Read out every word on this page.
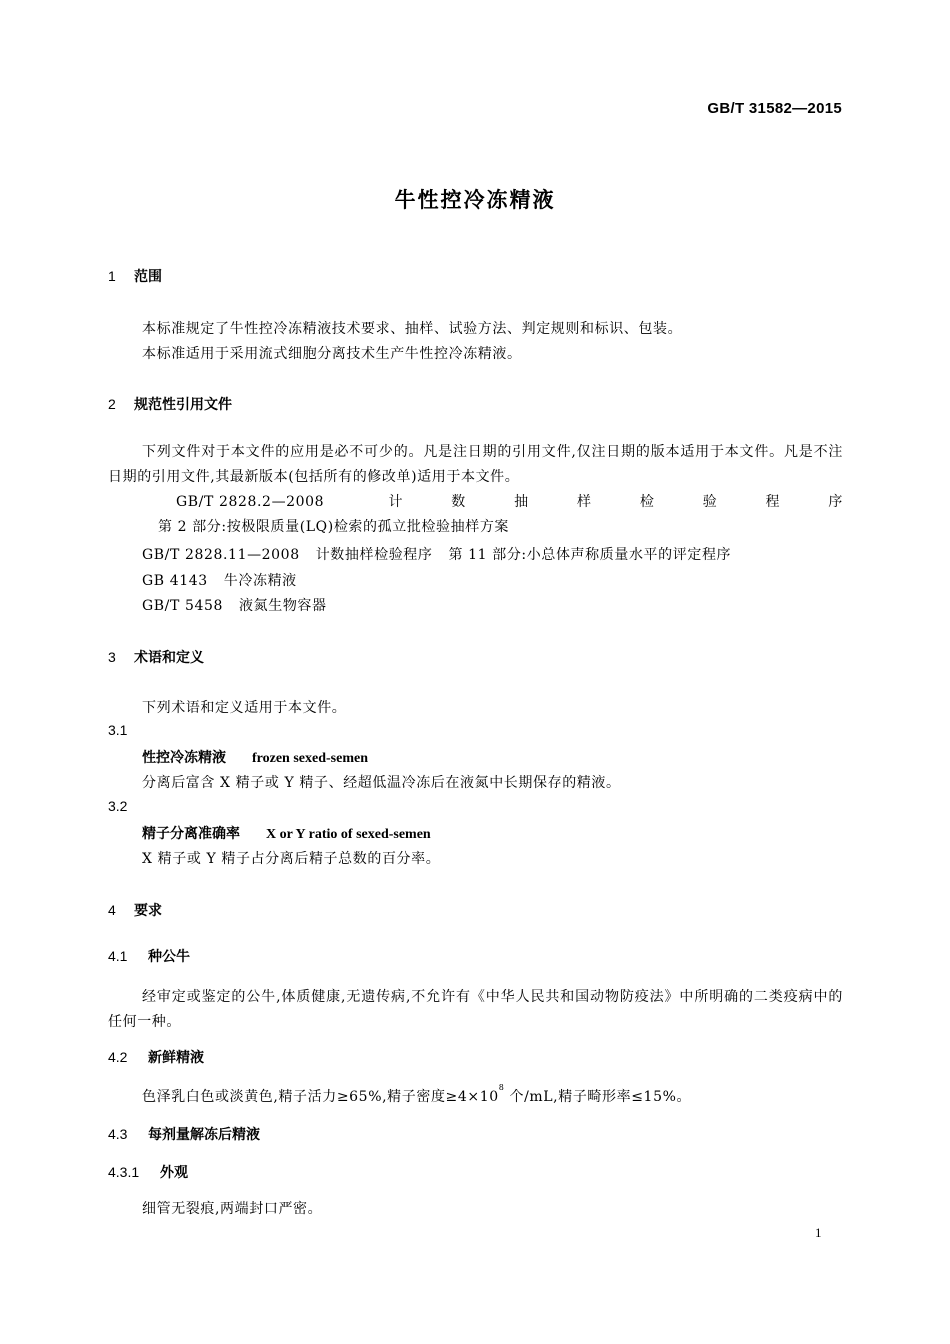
GB/T 31582—2015
牛性控冷冻精液
1 范围
本标准规定了牛性控冷冻精液技术要求、抽样、试验方法、判定规则和标识、包装。
本标准适用于采用流式细胞分离技术生产牛性控冷冻精液。
2 规范性引用文件
下列文件对于本文件的应用是必不可少的。凡是注日期的引用文件,仅注日期的版本适用于本文件。凡是不注日期的引用文件,其最新版本(包括所有的修改单)适用于本文件。
GB/T 2828.2—2008 计数抽样检验程序第 2 部分:按极限质量(LQ)检索的孤立批检验抽样方案
GB/T 2828.11—2008 计数抽样检验程序 第 11 部分:小总体声称质量水平的评定程序
GB 4143 牛冷冻精液
GB/T 5458 液氮生物容器
3 术语和定义
下列术语和定义适用于本文件。
3.1
性控冷冻精液 frozen sexed-semen
分离后富含 X 精子或 Y 精子、经超低温冷冻后在液氮中长期保存的精液。
3.2
精子分离准确率 X or Y ratio of sexed-semen
X 精子或 Y 精子占分离后精子总数的百分率。
4 要求
4.1 种公牛
经审定或鉴定的公牛,体质健康,无遗传病,不允许有《中华人民共和国动物防疫法》中所明确的二类疫病中的任何一种。
4.2 新鲜精液
色泽乳白色或淡黄色,精子活力≥65%,精子密度$\ge 4\times 10^8$ 个/mL,精子畸形率≤15%。
4.3 每剂量解冻后精液
4.3.1 外观
细管无裂痕,两端封口严密。
1
